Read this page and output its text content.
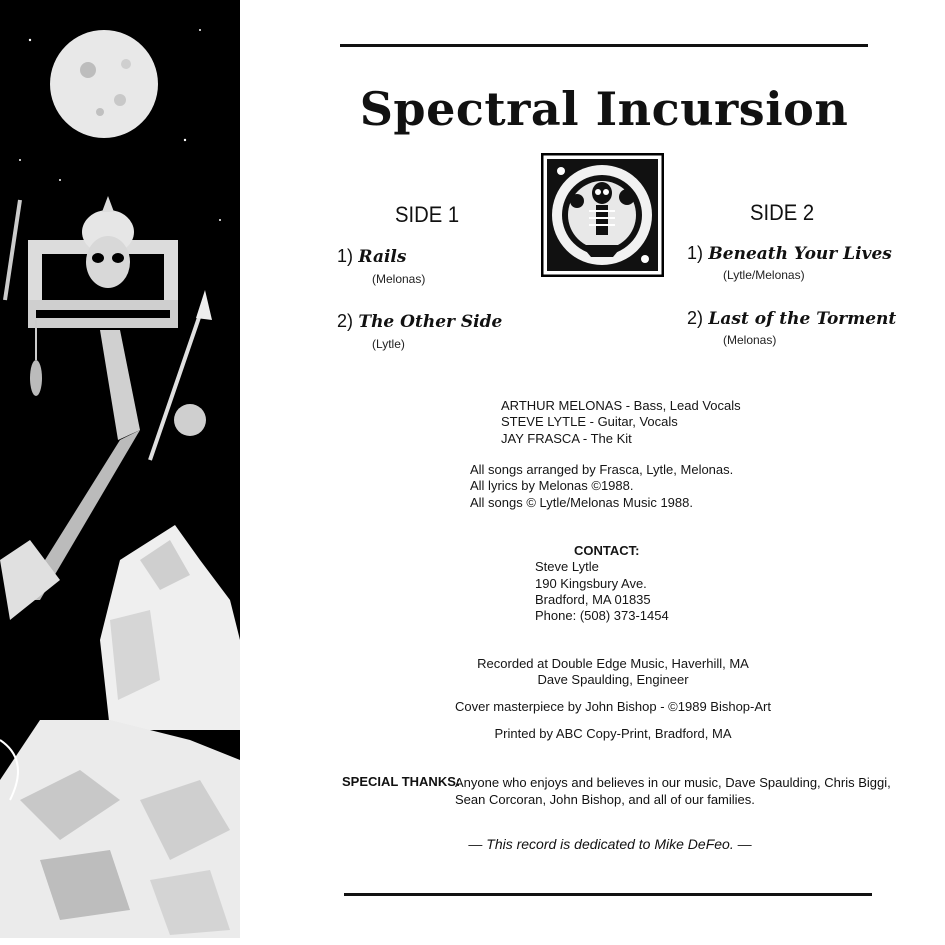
Spectral Incursion
SIDE 1
1) Rails
(Melonas)
2) The Other Side
(Lytle)
SIDE 2
1) Beneath Your Lives
(Lytle/Melonas)
2) Last of the Torment
(Melonas)
ARTHUR MELONAS - Bass, Lead Vocals
STEVE LYTLE - Guitar, Vocals
JAY FRASCA - The Kit
All songs arranged by Frasca, Lytle, Melonas.
All lyrics by Melonas ©1988.
All songs © Lytle/Melonas Music 1988.
CONTACT:
Steve Lytle
190 Kingsbury Ave.
Bradford, MA 01835
Phone: (508) 373-1454
Recorded at Double Edge Music, Haverhill, MA
Dave Spaulding, Engineer
Cover masterpiece by John Bishop - ©1989 Bishop-Art
Printed by ABC Copy-Print, Bradford, MA
SPECIAL THANKS:
Anyone who enjoys and believes in our music, Dave Spaulding, Chris Biggi, Sean Corcoran, John Bishop, and all of our families.
— This record is dedicated to Mike DeFeo. —
